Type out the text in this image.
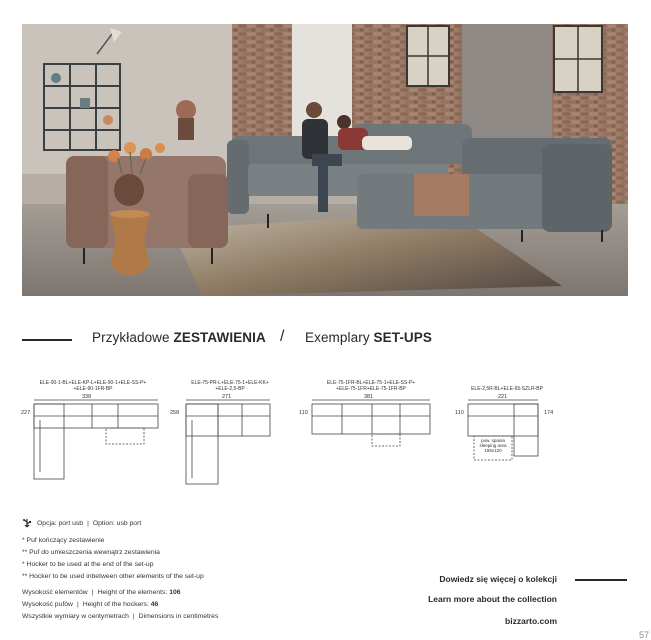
Przykładowe ZESTAWIENIA / Exemplary SET-UPS
ELE-90-1-BL+ELE-KP-L+ELE-90-1+ELE-SS-P+
+ELE-90-1FR-BP
338
227
ELE-75-PR-L+ELE-75-1+ELE-KK+
+ELE-2,5-BP
271
258
ELE-75-1FR-BL+ELE-75-1+ELE-SS-P+
+ELE-75-1FR+ELE-75-1FR-BP
381
110
ELE-2,5R-BL+ELE-65-SZLR-BP
221
110	174
pow. spania
sleeping area
195x120
Opcja: port usb | Option: usb port
* Puf kończący zestawienie
** Puf do umieszczenia wewnątrz zestawienia
* Hocker to be used at the end of the set-up
** Hocker to be used inbetween other elements of the set-up
Wysokość elementów | Height of the elements: 106
Wysokość pufów | Height of the hockers: 46
Wszystkie wymiary w centymetrach | Dimensions in centimetres
Dowiedz się więcej o kolekcji
Learn more about the collection
bizzarto.com
57
